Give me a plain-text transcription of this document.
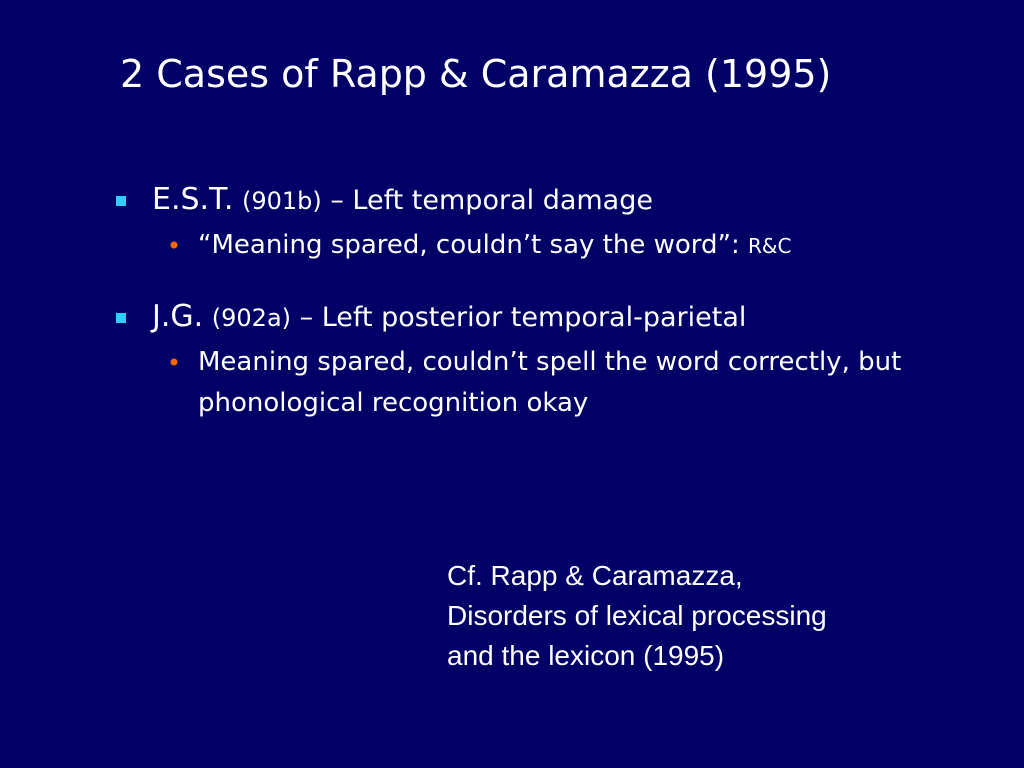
2 Cases of Rapp & Caramazza (1995)
E.S.T. (901b) – Left temporal damage
“Meaning spared, couldn’t say the word”: R&C
J.G. (902a) – Left posterior temporal-parietal
Meaning spared, couldn’t spell the word correctly, but phonological recognition okay
Cf. Rapp & Caramazza,
Disorders of lexical processing
and the lexicon (1995)
